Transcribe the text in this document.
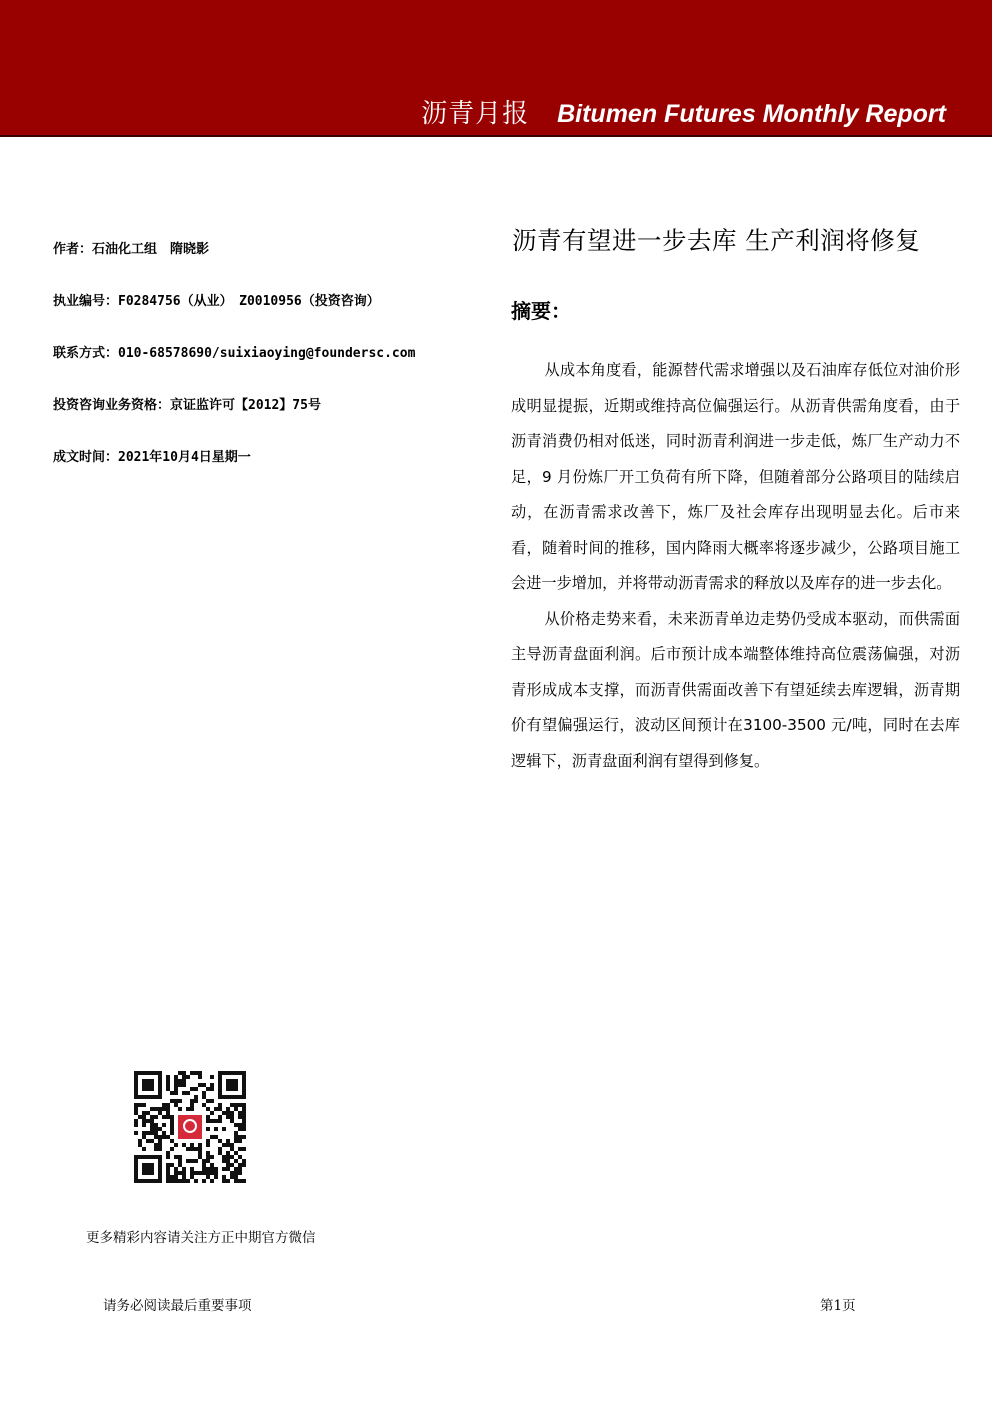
沥青月报 Bitumen Futures Monthly Report
作者：石油化工组　隋晓影
执业编号：F0284756（从业）　Z0010956（投资咨询）
联系方式：010-68578690/suixiaoying@foundersc.com
投资咨询业务资格：京证监许可【2012】75号
成文时间：2021年10月4日星期一
沥青有望进一步去库 生产利润将修复
摘要：

从成本角度看，能源替代需求增强以及石油库存低位对油价形成明显提振，近期或维持高位偏强运行。从沥青供需角度看，由于沥青消费仍相对低迷，同时沥青利润进一步走低，炼厂生产动力不足，9 月份炼厂开工负荷有所下降，但随着部分公路项目的陆续启动，在沥青需求改善下，炼厂及社会库存出现明显去化。后市来看，随着时间的推移，国内降雨大概率将逐步减少，公路项目施工会进一步增加，并将带动沥青需求的释放以及库存的进一步去化。

从价格走势来看，未来沥青单边走势仍受成本驱动，而供需面主导沥青盘面利润。后市预计成本端整体维持高位震荡偏强，对沥青形成成本支撑，而沥青供需面改善下有望延续去库逻辑，沥青期价有望偏强运行，波动区间预计在3100-3500 元/吨，同时在去库逻辑下，沥青盘面利润有望得到修复。

更多精彩内容请关注方正中期官方微信
请务必阅读最后重要事项	第1页
